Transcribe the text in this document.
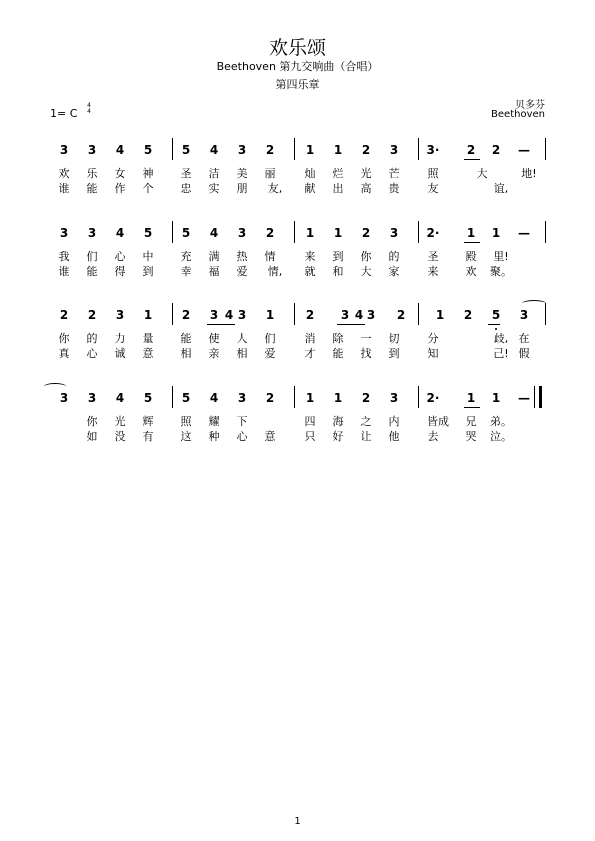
欢乐颂
Beethoven 第九交响曲（合唱）
第四乐章
贝多芬
Beethoven
1= C
4
4
3	3	4	5	5	4	3	2	1	1	2	3	3·	2	2	—
欢	乐	女	神	圣	洁	美	丽	灿	烂	光	芒	照	大	地!
谁	能	作	个	忠	实	朋	友,	献	出	高	贵	友	谊,
3	3	4	5	5	4	3	2	1	1	2	3	2·	1	1	—
我	们	心	中	充	满	热	情	来	到	你	的	圣	殿	里!
谁	能	得	到	幸	福	爱	情,	就	和	大	家	来	欢	聚。
2	2	3	1	2	3 4 3	1	2	3 4 3	2	1	2	5	3
你	的	力	量	能	使	人	们	消	除	一	切	分	歧, 在
真	心	诚	意	相	亲	相	爱	才	能	找	到	知	己! 假
3	3	4	5	5	4	3	2	1	1	2	3	2·	1	1	—
你	光	辉	照	耀	下	四	海	之	内	皆成	兄	弟。
如	没	有	这	种	心	意	只	好	让	他	去	哭	泣。
1
